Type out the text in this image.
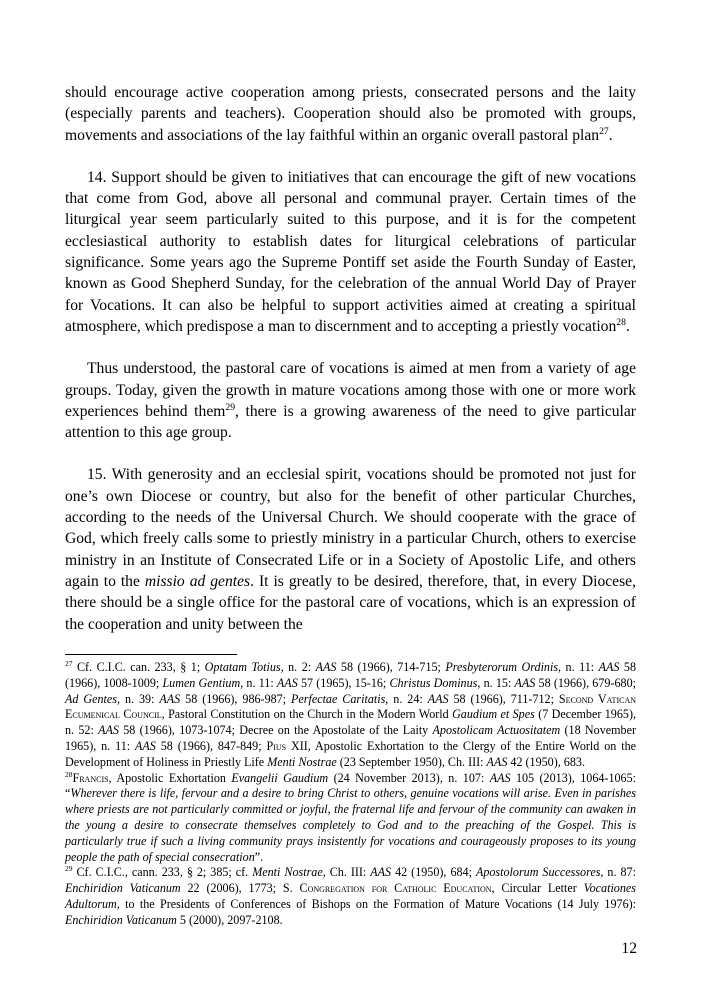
should encourage active cooperation among priests, consecrated persons and the laity (especially parents and teachers). Cooperation should also be promoted with groups, movements and associations of the lay faithful within an organic overall pastoral plan$^{27}$.

14. Support should be given to initiatives that can encourage the gift of new vocations that come from God, above all personal and communal prayer. Certain times of the liturgical year seem particularly suited to this purpose, and it is for the competent ecclesiastical authority to establish dates for liturgical celebrations of particular significance. Some years ago the Supreme Pontiff set aside the Fourth Sunday of Easter, known as Good Shepherd Sunday, for the celebration of the annual World Day of Prayer for Vocations. It can also be helpful to support activities aimed at creating a spiritual atmosphere, which predispose a man to discernment and to accepting a priestly vocation$^{28}$.

Thus understood, the pastoral care of vocations is aimed at men from a variety of age groups. Today, given the growth in mature vocations among those with one or more work experiences behind them$^{29}$, there is a growing awareness of the need to give particular attention to this age group.

15. With generosity and an ecclesial spirit, vocations should be promoted not just for one’s own Diocese or country, but also for the benefit of other particular Churches, according to the needs of the Universal Church. We should cooperate with the grace of God, which freely calls some to priestly ministry in a particular Church, others to exercise ministry in an Institute of Consecrated Life or in a Society of Apostolic Life, and others again to the missio ad gentes. It is greatly to be desired, therefore, that, in every Diocese, there should be a single office for the pastoral care of vocations, which is an expression of the cooperation and unity between the

$^{27}$ Cf. C.I.C. can. 233, § 1; Optatam Totius, n. 2: AAS 58 (1966), 714-715; Presbyterorum Ordinis, n. 11: AAS 58 (1966), 1008-1009; Lumen Gentium, n. 11: AAS 57 (1965), 15-16; Christus Dominus, n. 15: AAS 58 (1966), 679-680; Ad Gentes, n. 39: AAS 58 (1966), 986-987; Perfectae Caritatis, n. 24: AAS 58 (1966), 711-712; Second Vatican Ecumenical Council, Pastoral Constitution on the Church in the Modern World Gaudium et Spes (7 December 1965), n. 52: AAS 58 (1966), 1073-1074; Decree on the Apostolate of the Laity Apostolicam Actuositatem (18 November 1965), n. 11: AAS 58 (1966), 847-849; Pius XII, Apostolic Exhortation to the Clergy of the Entire World on the Development of Holiness in Priestly Life Menti Nostrae (23 September 1950), Ch. III: AAS 42 (1950), 683.

$^{28}$Francis, Apostolic Exhortation Evangelii Gaudium (24 November 2013), n. 107: AAS 105 (2013), 1064-1065: “Wherever there is life, fervour and a desire to bring Christ to others, genuine vocations will arise. Even in parishes where priests are not particularly committed or joyful, the fraternal life and fervour of the community can awaken in the young a desire to consecrate themselves completely to God and to the preaching of the Gospel. This is particularly true if such a living community prays insistently for vocations and courageously proposes to its young people the path of special consecration”.

$^{29}$ Cf. C.I.C., cann. 233, § 2; 385; cf. Menti Nostrae, Ch. III: AAS 42 (1950), 684; Apostolorum Successores, n. 87: Enchiridion Vaticanum 22 (2006), 1773; S. Congregation for Catholic Education, Circular Letter Vocationes Adultorum, to the Presidents of Conferences of Bishops on the Formation of Mature Vocations (14 July 1976): Enchiridion Vaticanum 5 (2000), 2097-2108.

12
